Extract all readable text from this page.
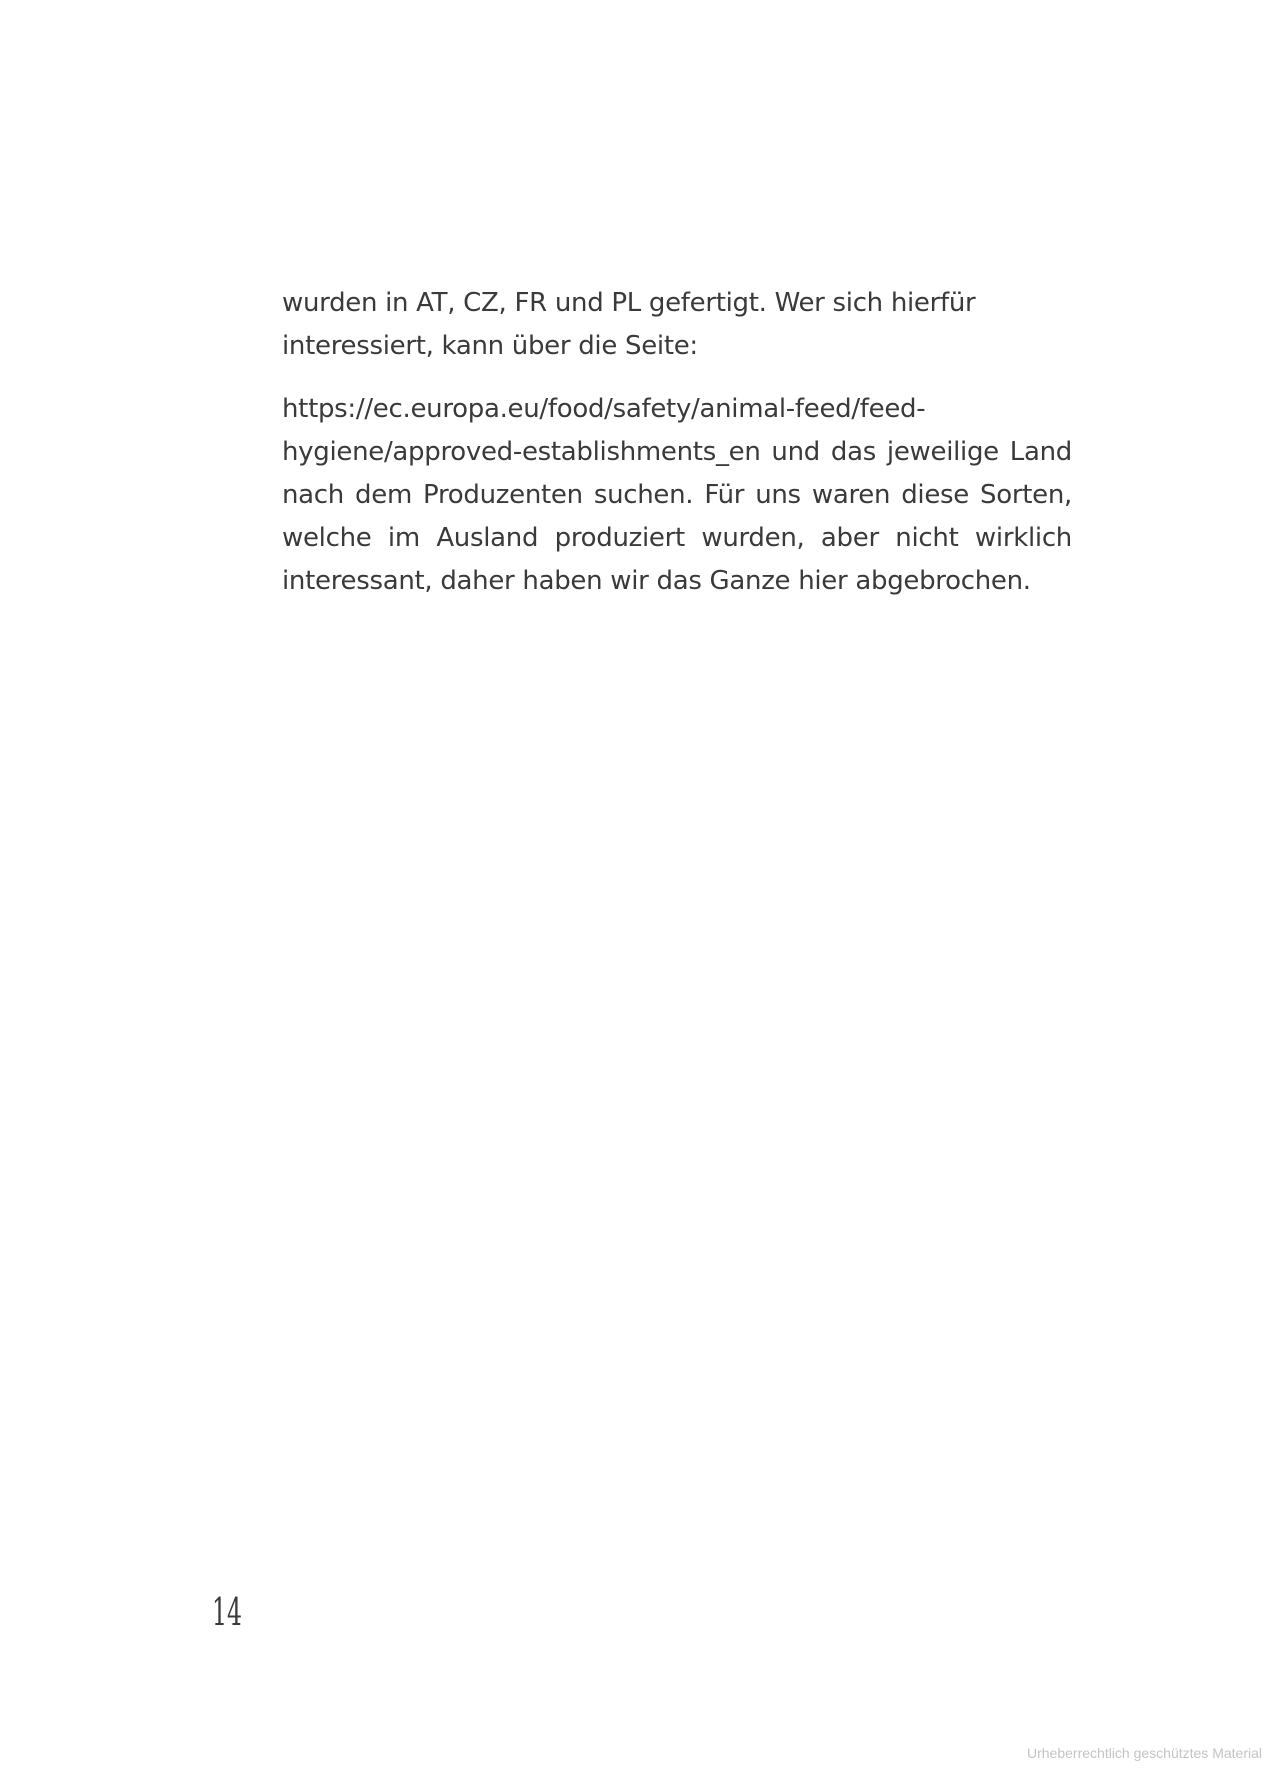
wurden in AT, CZ, FR und PL gefertigt. Wer sich hierfür interessiert, kann über die Seite:

https://ec.europa.eu/food/safety/animal-feed/feed-hygiene/approved-establishments_en und das jeweilige Land nach dem Produzenten suchen. Für uns waren diese Sorten, welche im Ausland produziert wurden, aber nicht wirklich interessant, daher haben wir das Ganze hier abgebrochen.

14
Urheberrechtlich geschütztes Material
